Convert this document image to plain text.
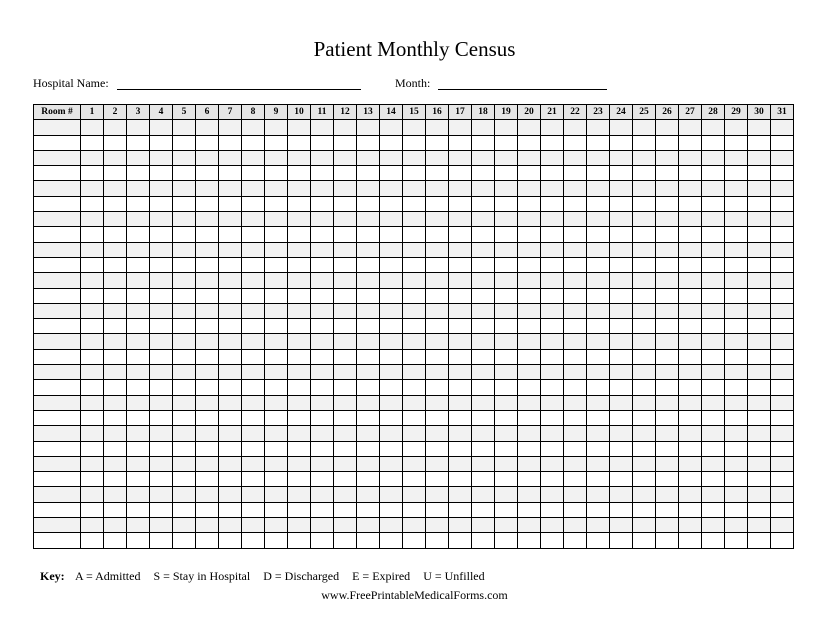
Patient Monthly Census
Hospital Name:	Month:
Room #	1	2	3	4	5	6	7	8	9	10	11	12	13	14	15	16	17	18	19	20	21	22	23	24	25	26	27	28	29	30	31

Key: A = Admitted S = Stay in Hospital D = Discharged E = Expired U = Unfilled
www.FreePrintableMedicalForms.com
